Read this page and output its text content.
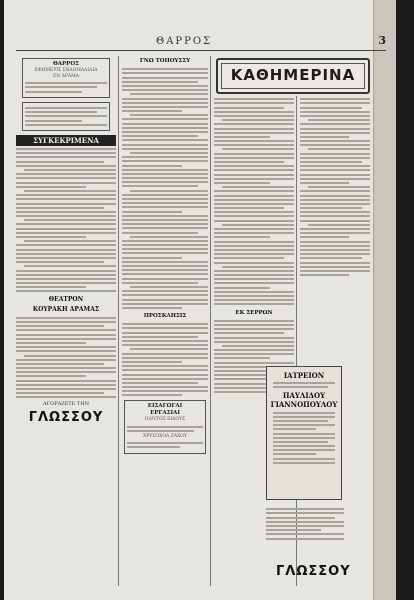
ΘΑΡΡΟΣ	3
ΘΑΡΡΟΣ
ΕΦΗΜΕΡΙΣ ΕΒΔΟΜΑΔΙΑΙΑ
ΕΝ ΔΡΑΜΑ
ΣΥΓΚΕΚΡΙΜΕΝΑ
ΘΕΑΤΡΟΝ
ΚΟΥΡΑΚΗ ΔΡΑΜΑΣ
ΑΓΟΡΑΖΕΤΕ ΤΗΝ
ΓΛΩΣΣΟΥ
ΓΝΩ ΤΟΠΟΥΣΣΥ
ΠΡΟΣΚΛΗΣΙΣ
ΕΙΣΑΓΩΓΑΙ
ΕΡΓΑΣΙΑΙ
ΠΑΝΤΟΣ ΕΙΔΟΥΣ
ΧΡΥΣΟΧΟΑ ΖΑΧΟΥ
ΚΑΘΗΜΕΡΙΝΑ
ΕΚ ΣΕΡΡΩΝ
ΙΑΤΡΕΙΟΝ
ΠΑΥΛΙΔΟΥ
ΓΙΑΝΝΟΠΟΥΛΟΥ
ΓΛΩΣΣΟΥ
